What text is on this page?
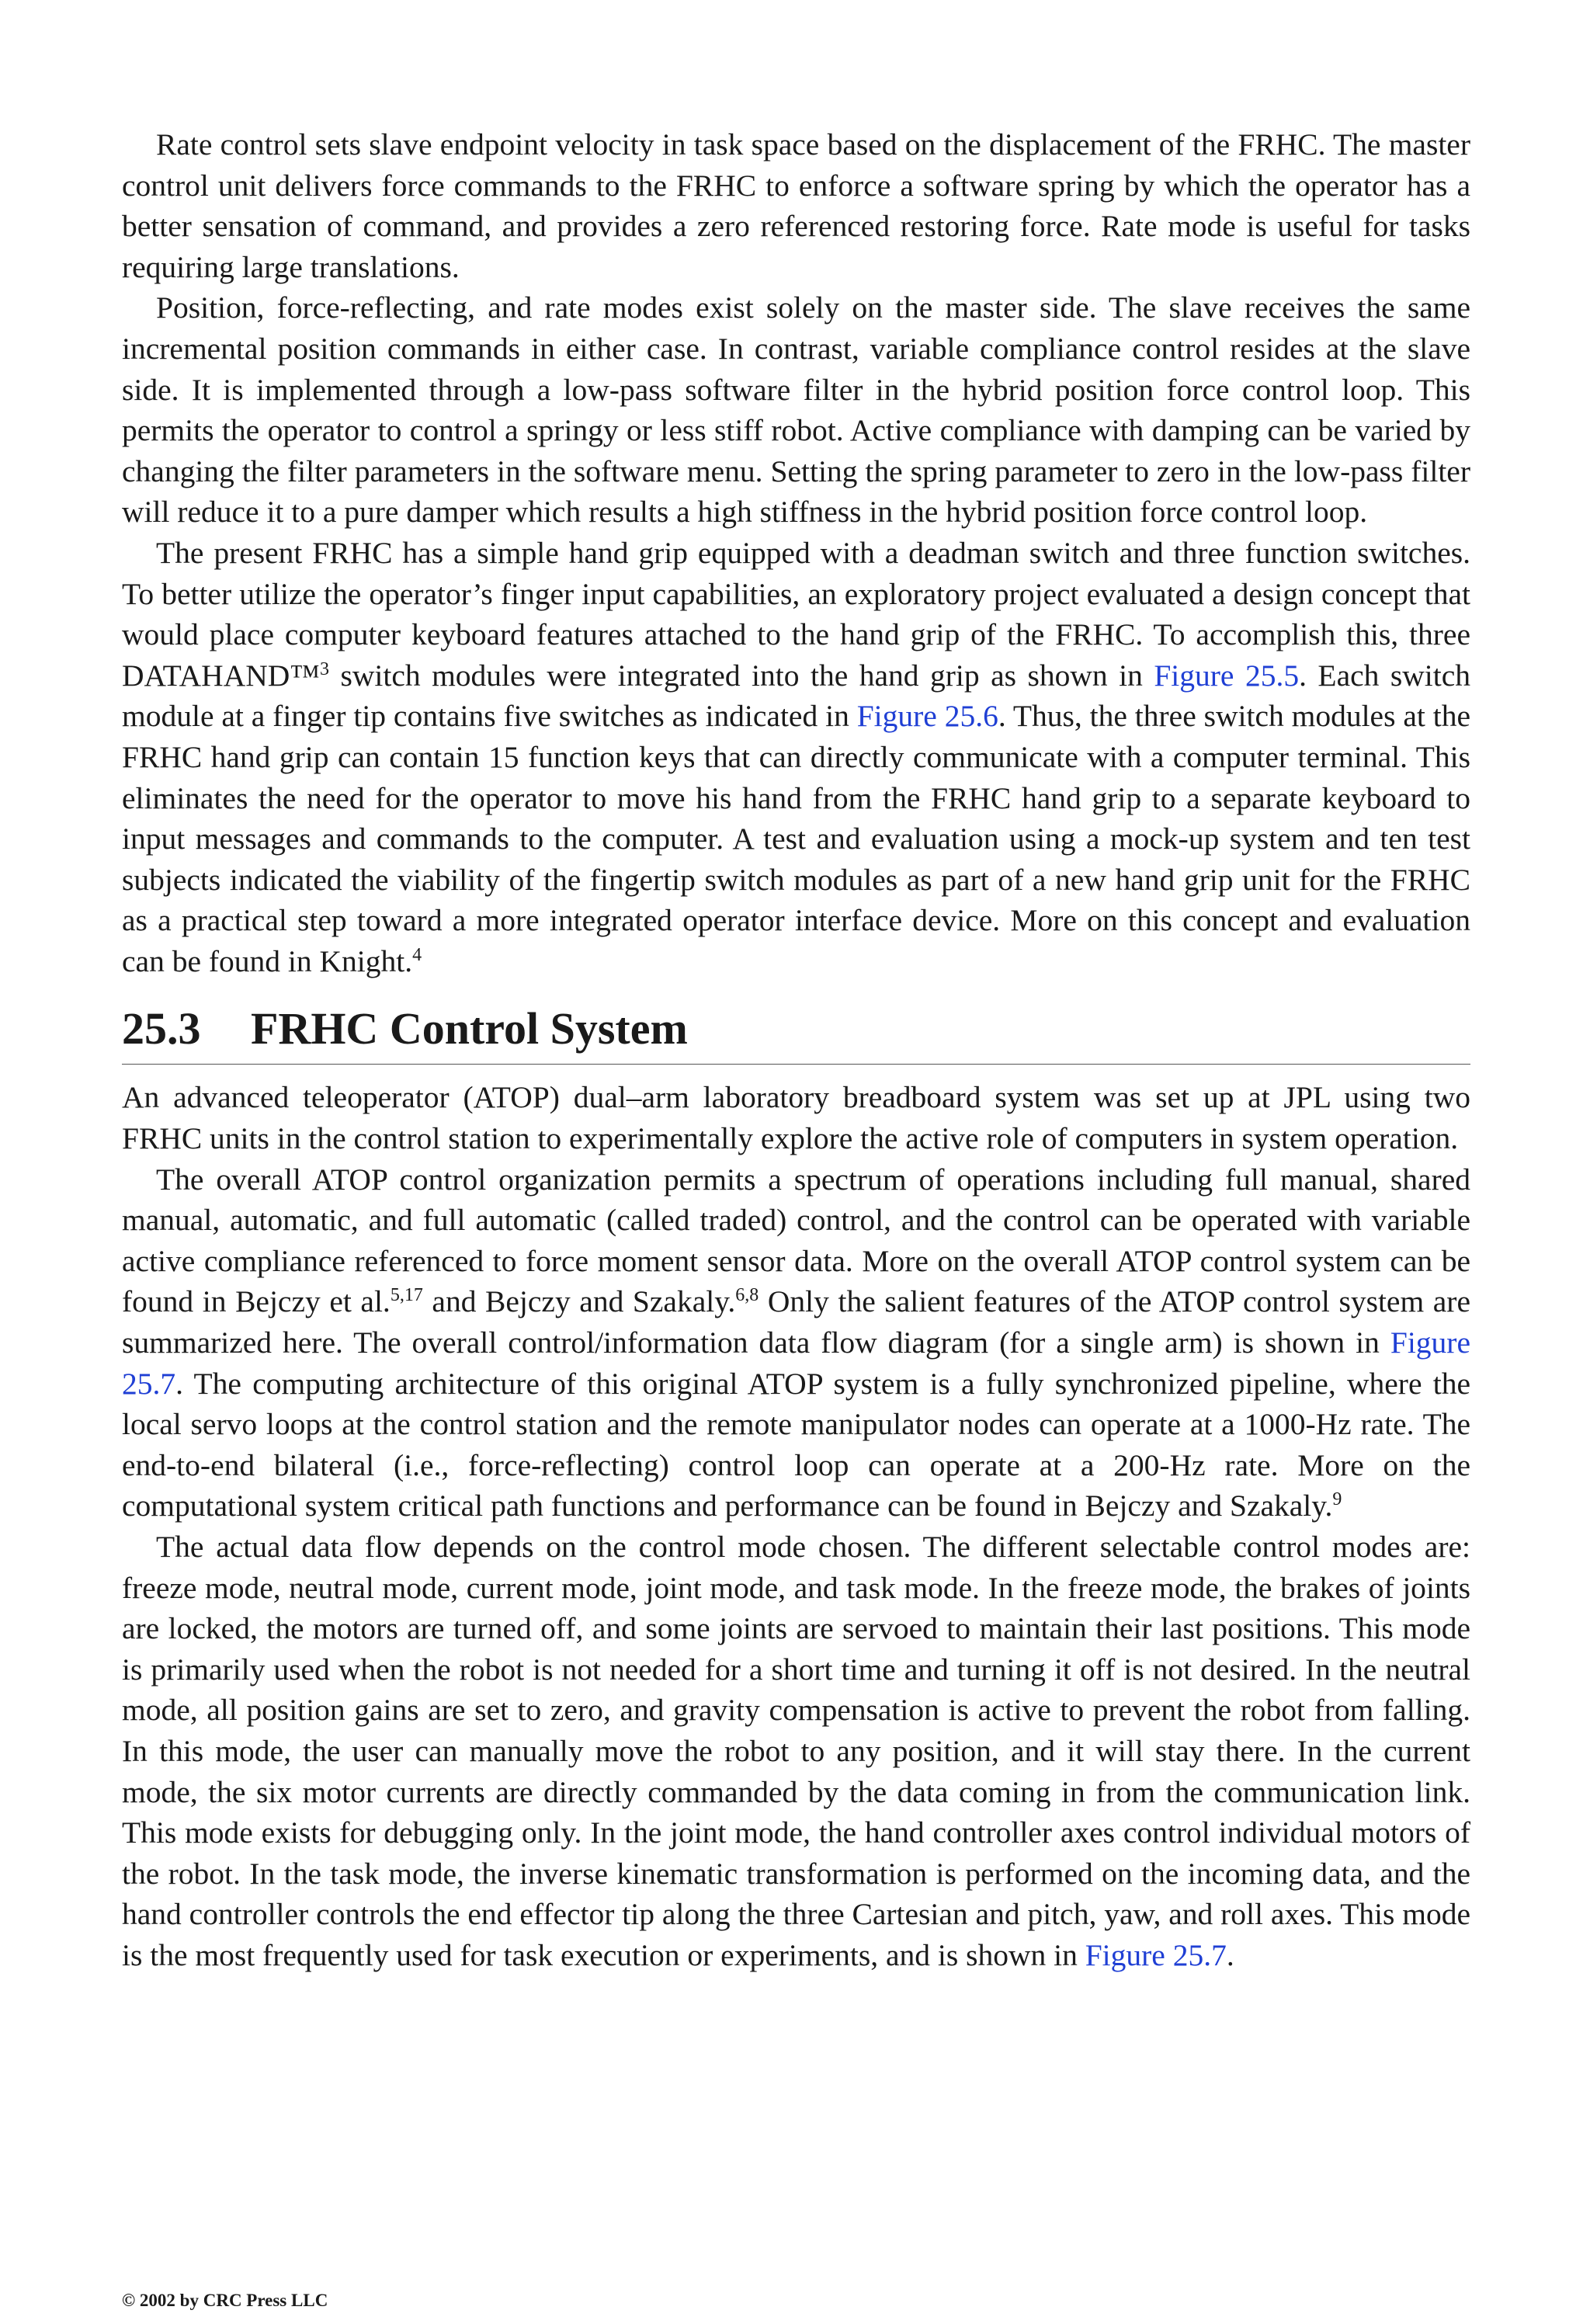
Rate control sets slave endpoint velocity in task space based on the displacement of the FRHC. The master control unit delivers force commands to the FRHC to enforce a software spring by which the operator has a better sensation of command, and provides a zero referenced restoring force. Rate mode is useful for tasks requiring large translations.

Position, force-reflecting, and rate modes exist solely on the master side. The slave receives the same incremental position commands in either case. In contrast, variable compliance control resides at the slave side. It is implemented through a low-pass software filter in the hybrid position force control loop. This permits the operator to control a springy or less stiff robot. Active compliance with damping can be varied by changing the filter parameters in the software menu. Setting the spring parameter to zero in the low-pass filter will reduce it to a pure damper which results a high stiffness in the hybrid position force control loop.

The present FRHC has a simple hand grip equipped with a deadman switch and three function switches. To better utilize the operator’s finger input capabilities, an exploratory project evaluated a design concept that would place computer keyboard features attached to the hand grip of the FRHC. To accomplish this, three DATAHAND™$^3$ switch modules were integrated into the hand grip as shown in Figure 25.5. Each switch module at a finger tip contains five switches as indicated in Figure 25.6. Thus, the three switch modules at the FRHC hand grip can contain 15 function keys that can directly communicate with a computer terminal. This eliminates the need for the operator to move his hand from the FRHC hand grip to a separate keyboard to input messages and commands to the computer. A test and evaluation using a mock-up system and ten test subjects indicated the viability of the fingertip switch modules as part of a new hand grip unit for the FRHC as a practical step toward a more integrated operator interface device. More on this concept and evaluation can be found in Knight.$^4$

25.3 FRHC Control System

An advanced teleoperator (ATOP) dual–arm laboratory breadboard system was set up at JPL using two FRHC units in the control station to experimentally explore the active role of computers in system operation.

The overall ATOP control organization permits a spectrum of operations including full manual, shared manual, automatic, and full automatic (called traded) control, and the control can be operated with variable active compliance referenced to force moment sensor data. More on the overall ATOP control system can be found in Bejczy et al.$^{5,17}$ and Bejczy and Szakaly.$^{6,8}$ Only the salient features of the ATOP control system are summarized here. The overall control/information data flow diagram (for a single arm) is shown in Figure 25.7. The computing architecture of this original ATOP system is a fully synchronized pipeline, where the local servo loops at the control station and the remote manipulator nodes can operate at a 1000-Hz rate. The end-to-end bilateral (i.e., force-reflecting) control loop can operate at a 200-Hz rate. More on the computational system critical path functions and performance can be found in Bejczy and Szakaly.$^9$

The actual data flow depends on the control mode chosen. The different selectable control modes are: freeze mode, neutral mode, current mode, joint mode, and task mode. In the freeze mode, the brakes of joints are locked, the motors are turned off, and some joints are servoed to maintain their last positions. This mode is primarily used when the robot is not needed for a short time and turning it off is not desired. In the neutral mode, all position gains are set to zero, and gravity compensation is active to prevent the robot from falling. In this mode, the user can manually move the robot to any position, and it will stay there. In the current mode, the six motor currents are directly commanded by the data coming in from the communication link. This mode exists for debugging only. In the joint mode, the hand controller axes control individual motors of the robot. In the task mode, the inverse kinematic transformation is performed on the incoming data, and the hand controller controls the end effector tip along the three Cartesian and pitch, yaw, and roll axes. This mode is the most frequently used for task execution or experiments, and is shown in Figure 25.7.

© 2002 by CRC Press LLC
